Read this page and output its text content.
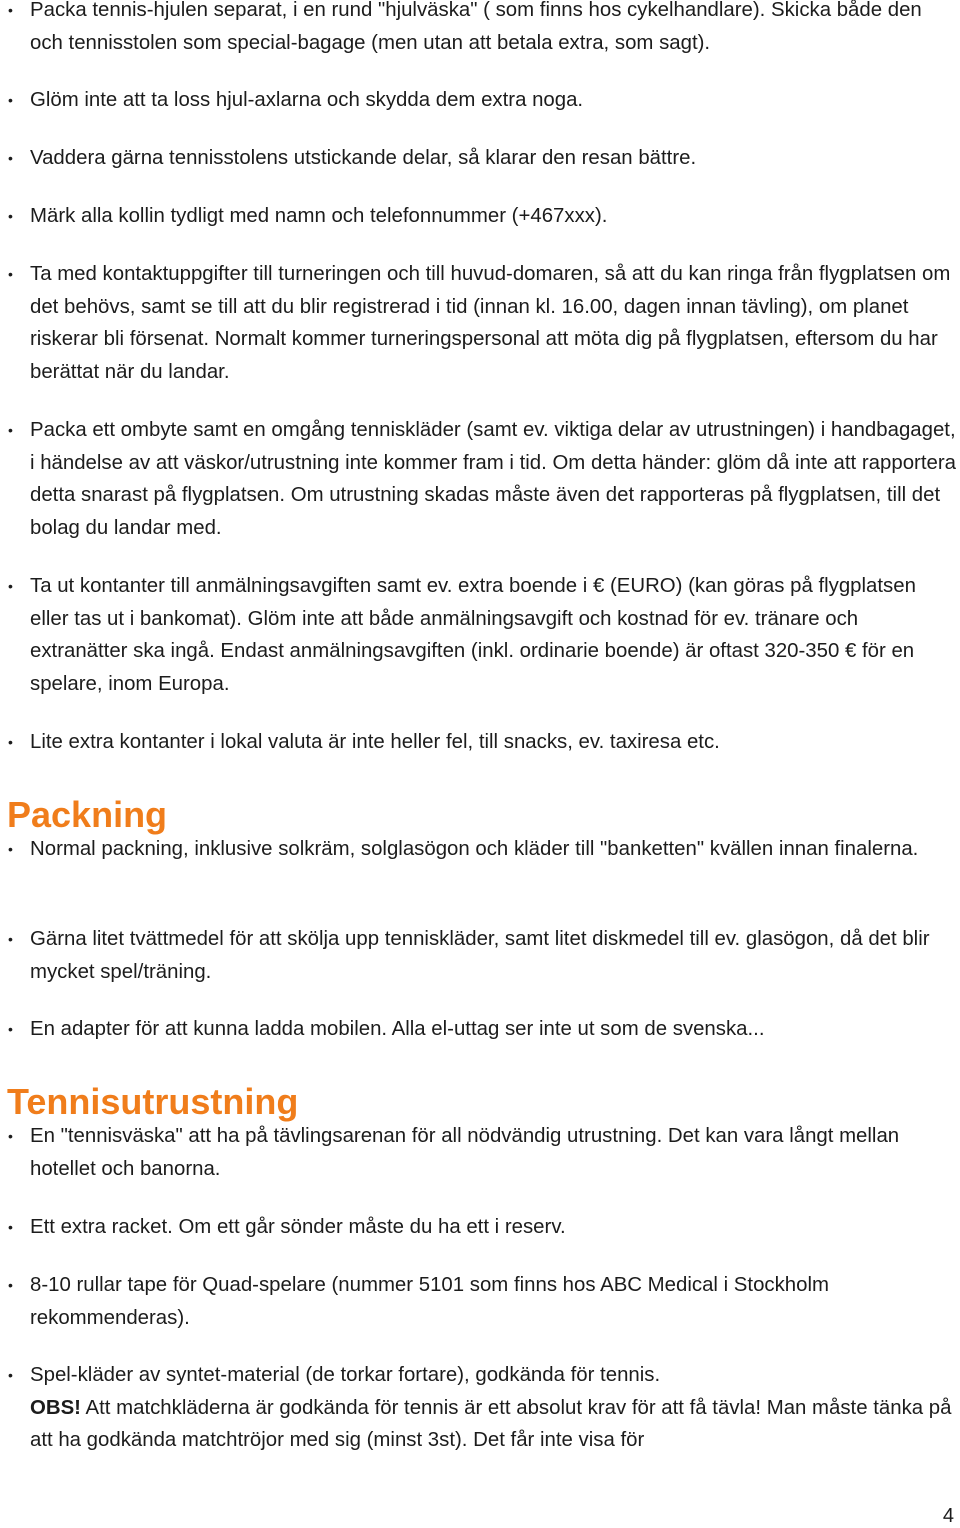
• Packa tennis-hjulen separat, i en rund "hjulväska" ( som finns hos cykelhandlare). Skicka både den och tennisstolen som special-bagage (men utan att betala extra, som sagt).
• Glöm inte att ta loss hjul-axlarna och skydda dem extra noga.
• Vaddera gärna tennisstolens utstickande delar, så klarar den resan bättre.
• Märk alla kollin tydligt med namn och telefonnummer (+467xxx).
• Ta med kontaktuppgifter till turneringen och till huvud-domaren, så att du kan ringa från flygplatsen om det behövs, samt se till att du blir registrerad i tid (innan kl. 16.00, dagen innan tävling), om planet riskerar bli försenat. Normalt kommer turneringspersonal att möta dig på flygplatsen, eftersom du har berättat när du landar.
• Packa ett ombyte samt en omgång tenniskläder (samt ev. viktiga delar av utrustningen) i handbagaget, i händelse av att väskor/utrustning inte kommer fram i tid. Om detta händer: glöm då inte att rapportera detta snarast på flygplatsen. Om utrustning skadas måste även det rapporteras på flygplatsen, till det bolag du landar med.
• Ta ut kontanter till anmälningsavgiften samt ev. extra boende i € (EURO) (kan göras på flygplatsen eller tas ut i bankomat). Glöm inte att både anmälningsavgift och kostnad för ev. tränare och extranätter ska ingå. Endast anmälningsavgiften (inkl. ordinarie boende) är oftast 320-350 € för en spelare, inom Europa.
• Lite extra kontanter i lokal valuta är inte heller fel, till snacks, ev. taxiresa etc.
Packning
• Normal packning, inklusive solkräm, solglasögon och kläder till "banketten" kvällen innan finalerna.
• Gärna litet tvättmedel för att skölja upp tenniskläder, samt litet diskmedel till ev. glasögon, då det blir mycket spel/träning.
• En adapter för att kunna ladda mobilen. Alla el-uttag ser inte ut som de svenska...
Tennisutrustning
• En "tennisväska" att ha på tävlingsarenan för all nödvändig utrustning. Det kan vara långt mellan hotellet och banorna.
• Ett extra racket. Om ett går sönder måste du ha ett i reserv.
• 8-10 rullar tape för Quad-spelare (nummer 5101 som finns hos ABC Medical i Stockholm rekommenderas).
• Spel-kläder av syntet-material (de torkar fortare), godkända för tennis.
OBS! Att matchkläderna är godkända för tennis är ett absolut krav för att få tävla! Man måste tänka på att ha godkända matchtröjor med sig (minst 3st). Det får inte visa för
4
